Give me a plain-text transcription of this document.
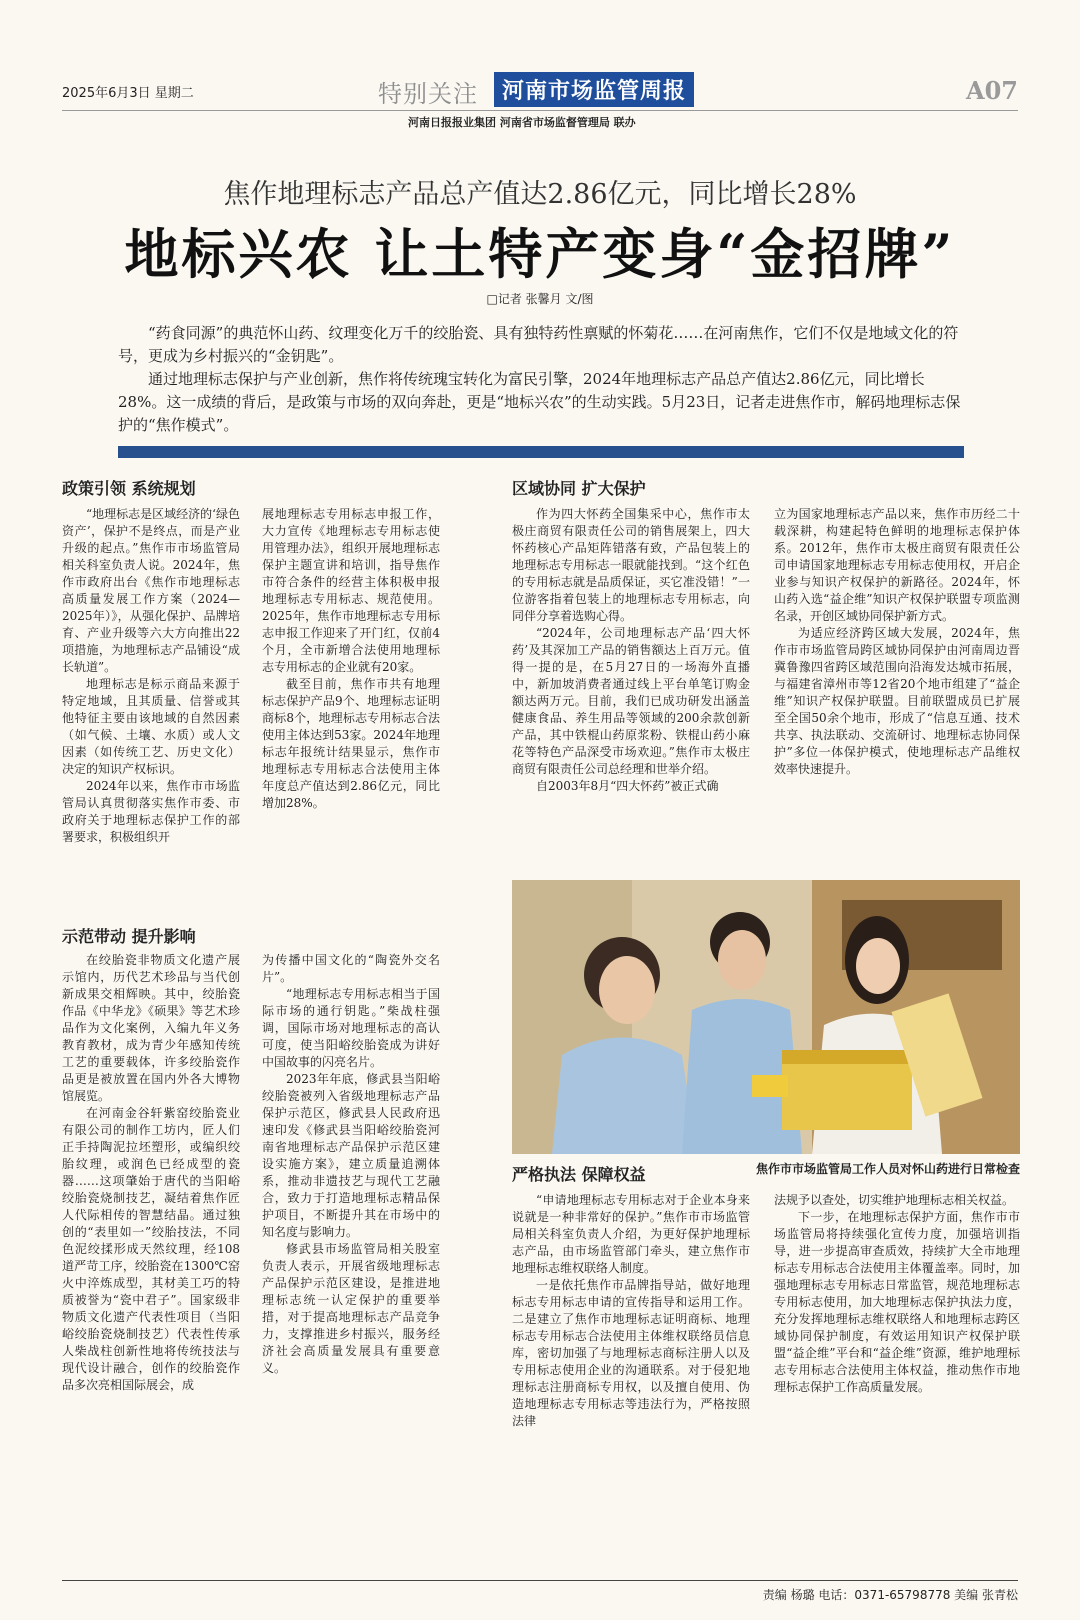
2025年6月3日 星期二	特别关注	河南市场监管周报	A07
河南日报报业集团 河南省市场监督管理局 联办
焦作地理标志产品总产值达2.86亿元，同比增长28%
地标兴农 让土特产变身“金招牌”
□记者 张馨月 文/图
“药食同源”的典范怀山药、纹理变化万千的绞胎瓷、具有独特药性禀赋的怀菊花……在河南焦作，它们不仅是地域文化的符号，更成为乡村振兴的“金钥匙”。
通过地理标志保护与产业创新，焦作将传统瑰宝转化为富民引擎，2024年地理标志产品总产值达2.86亿元，同比增长28%。这一成绩的背后，是政策与市场的双向奔赴，更是“地标兴农”的生动实践。5月23日，记者走进焦作市，解码地理标志保护的“焦作模式”。
政策引领 系统规划

“地理标志是区域经济的‘绿色资产’，保护不是终点，而是产业升级的起点。”焦作市市场监管局相关科室负责人说。2024年，焦作市政府出台《焦作市地理标志高质量发展工作方案（2024—2025年）》，从强化保护、品牌培育、产业升级等六大方向推出22项措施，为地理标志产品铺设“成长轨道”。

地理标志是标示商品来源于特定地域，且其质量、信誉或其他特征主要由该地域的自然因素（如气候、土壤、水质）或人文因素（如传统工艺、历史文化）决定的知识产权标识。

2024年以来，焦作市市场监管局认真贯彻落实焦作市委、市政府关于地理标志保护工作的部署要求，积极组织开

展地理标志专用标志申报工作，大力宣传《地理标志专用标志使用管理办法》，组织开展地理标志保护主题宣讲和培训，指导焦作市符合条件的经营主体积极申报地理标志专用标志、规范使用。2025年，焦作市地理标志专用标志申报工作迎来了开门红，仅前4个月，全市新增合法使用地理标志专用标志的企业就有20家。

截至目前，焦作市共有地理标志保护产品9个、地理标志证明商标8个，地理标志专用标志合法使用主体达到53家。2024年地理标志年报统计结果显示，焦作市地理标志专用标志合法使用主体年度总产值达到2.86亿元，同比增加28%。

示范带动 提升影响

在绞胎瓷非物质文化遗产展示馆内，历代艺术珍品与当代创新成果交相辉映。其中，绞胎瓷作品《中华龙》《硕果》等艺术珍品作为文化案例，入编九年义务教育教材，成为青少年感知传统工艺的重要载体，许多绞胎瓷作品更是被放置在国内外各大博物馆展览。

在河南金谷轩紫窑绞胎瓷业有限公司的制作工坊内，匠人们正手持陶泥拉坯塑形，或编织绞胎纹理，或润色已经成型的瓷器……这项肇始于唐代的当阳峪绞胎瓷烧制技艺，凝结着焦作匠人代际相传的智慧结晶。通过独创的“表里如一”绞胎技法，不同色泥绞揉形成天然纹理，经108道严苛工序，绞胎瓷在1300℃窑火中淬炼成型，其材美工巧的特质被誉为“瓷中君子”。国家级非物质文化遗产代表性项目（当阳峪绞胎瓷烧制技艺）代表性传承人柴战柱创新性地将传统技法与现代设计融合，创作的绞胎瓷作品多次亮相国际展会，成

为传播中国文化的“陶瓷外交名片”。

“地理标志专用标志相当于国际市场的通行钥匙。”柴战柱强调，国际市场对地理标志的高认可度，使当阳峪绞胎瓷成为讲好中国故事的闪亮名片。

2023年年底，修武县当阳峪绞胎瓷被列入省级地理标志产品保护示范区，修武县人民政府迅速印发《修武县当阳峪绞胎瓷河南省地理标志产品保护示范区建设实施方案》，建立质量追溯体系，推动非遗技艺与现代工艺融合，致力于打造地理标志精品保护项目，不断提升其在市场中的知名度与影响力。

修武县市场监管局相关股室负责人表示，开展省级地理标志产品保护示范区建设，是推进地理标志统一认定保护的重要举措，对于提高地理标志产品竞争力，支撑推进乡村振兴，服务经济社会高质量发展具有重要意义。

区域协同 扩大保护

作为四大怀药全国集采中心，焦作市太极庄商贸有限责任公司的销售展架上，四大怀药核心产品矩阵错落有致，产品包装上的地理标志专用标志一眼就能找到。“这个红色的专用标志就是品质保证，买它准没错！”一位游客指着包装上的地理标志专用标志，向同伴分享着选购心得。

“2024年，公司地理标志产品‘四大怀药’及其深加工产品的销售额达上百万元。值得一提的是，在5月27日的一场海外直播中，新加坡消费者通过线上平台单笔订购金额达两万元。目前，我们已成功研发出涵盖健康食品、养生用品等领域的200余款创新产品，其中铁棍山药原浆粉、铁棍山药小麻花等特色产品深受市场欢迎。”焦作市太极庄商贸有限责任公司总经理和世举介绍。

自2003年8月“四大怀药”被正式确

立为国家地理标志产品以来，焦作市历经二十载深耕，构建起特色鲜明的地理标志保护体系。2012年，焦作市太极庄商贸有限责任公司申请国家地理标志专用标志使用权，开启企业参与知识产权保护的新路径。2024年，怀山药入选“益企维”知识产权保护联盟专项监测名录，开创区域协同保护新方式。

为适应经济跨区域大发展，2024年，焦作市市场监管局跨区域协同保护由河南周边晋冀鲁豫四省跨区域范围向沿海发达城市拓展，与福建省漳州市等12省20个地市组建了“益企维”知识产权保护联盟。目前联盟成员已扩展至全国50余个地市，形成了“信息互通、技术共享、执法联动、交流研讨、地理标志协同保护”多位一体保护模式，使地理标志产品维权效率快速提升。

焦作市市场监管局工作人员对怀山药进行日常检查
严格执法 保障权益

“申请地理标志专用标志对于企业本身来说就是一种非常好的保护。”焦作市市场监管局相关科室负责人介绍，为更好保护地理标志产品，由市场监管部门牵头，建立焦作市地理标志维权联络人制度。

一是依托焦作市品牌指导站，做好地理标志专用标志申请的宣传指导和运用工作。二是建立了焦作市地理标志证明商标、地理标志专用标志合法使用主体维权联络员信息库，密切加强了与地理标志商标注册人以及专用标志使用企业的沟通联系。对于侵犯地理标志注册商标专用权，以及擅自使用、伪造地理标志专用标志等违法行为，严格按照法律

法规予以查处，切实维护地理标志相关权益。

下一步，在地理标志保护方面，焦作市市场监管局将持续强化宣传力度，加强培训指导，进一步提高审查质效，持续扩大全市地理标志专用标志合法使用主体覆盖率。同时，加强地理标志专用标志日常监管，规范地理标志专用标志使用，加大地理标志保护执法力度，充分发挥地理标志维权联络人和地理标志跨区域协同保护制度，有效运用知识产权保护联盟“益企维”平台和“益企维”资源，维护地理标志专用标志合法使用主体权益，推动焦作市地理标志保护工作高质量发展。

责编 杨璐 电话：0371-65798778 美编 张青松
